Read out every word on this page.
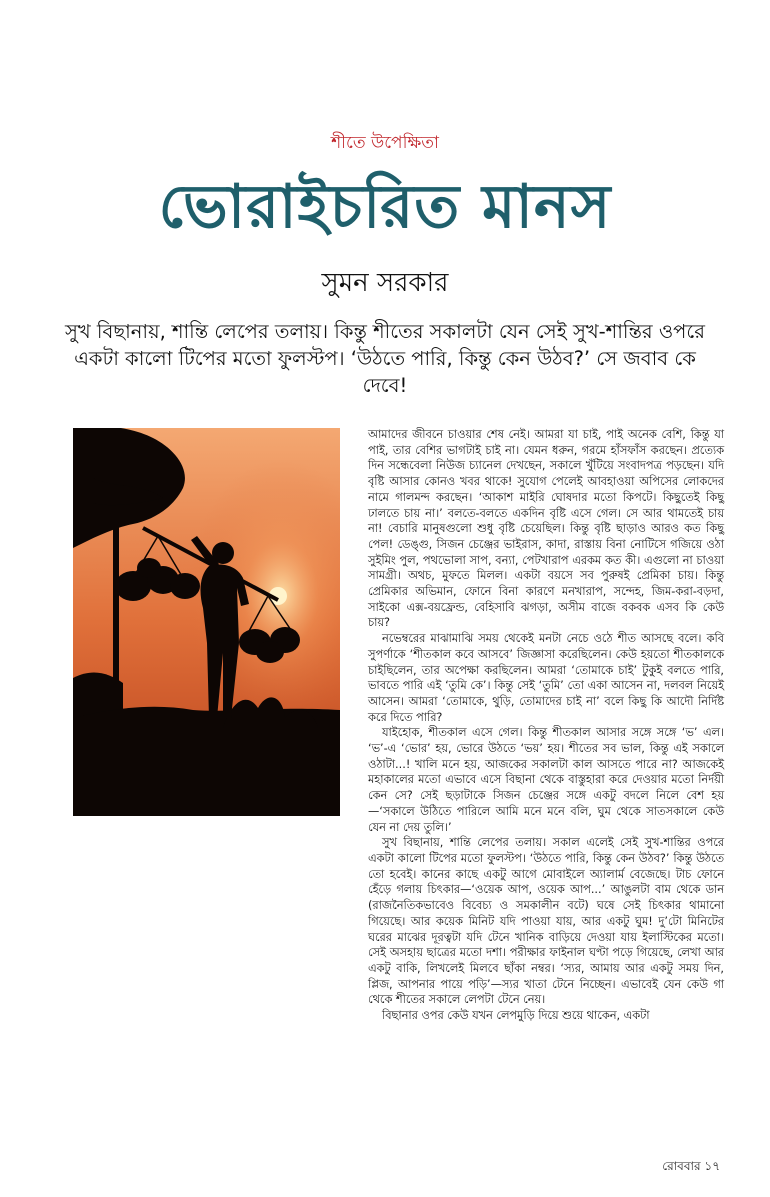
শীতে উপেক্ষিতা
ভোরাইচরিত মানস
সুমন সরকার
সুখ বিছানায়, শান্তি লেপের তলায়। কিন্তু শীতের সকালটা যেন সেই সুখ-শান্তির ওপরে একটা কালো টিপের মতো ফুলস্টপ। ‘উঠতে পারি, কিন্তু কেন উঠব?’ সে জবাব কে দেবে!

আমাদের জীবনে চাওয়ার শেষ নেই। আমরা যা চাই, পাই অনেক বেশি, কিন্তু যা পাই, তার বেশির ভাগটাই চাই না। যেমন ধরুন, গরমে হাঁসফাঁস করছেন। প্রত্যেক দিন সন্ধেবেলা নিউজ চ্যানেল দেখছেন, সকালে খুঁটিয়ে সংবাদপত্র পড়ছেন। যদি বৃষ্টি আসার কোনও খবর থাকে! সুযোগ পেলেই আবহাওয়া অপিসের লোকদের নামে গালমন্দ করছেন। ‘আকাশ মাইরি ঘোষদার মতো কিপটে। কিছুতেই কিছু ঢালতে চায় না।’ বলতে-বলতে একদিন বৃষ্টি এসে গেল। সে আর থামতেই চায় না! বেচারি মানুষগুলো শুধু বৃষ্টি চেয়েছিল। কিন্তু বৃষ্টি ছাড়াও আরও কত কিছু পেল! ডেঙ্গু, সিজন চেঞ্জের ভাইরাস, কাদা, রাস্তায় বিনা নোটিসে গজিয়ে ওঠা সুইমিং পুল, পথভোলা সাপ, বন্যা, পেটখারাপ এরকম কত কী। এগুলো না চাওয়া সামগ্রী। অথচ, মুফতে মিলল। একটা বয়সে সব পুরুষই প্রেমিকা চায়। কিন্তু প্রেমিকার অভিমান, ফোনে বিনা কারণে মনখারাপ, সন্দেহ, জিম-করা-বড়দা, সাইকো এক্স-বয়ফ্রেন্ড, বেহিসাবি ঝগড়া, অসীম বাজে বকবক এসব কি কেউ চায়?

নভেম্বরের মাঝামাঝি সময় থেকেই মনটা নেচে ওঠে শীত আসছে বলে। কবি সুপর্ণাকে ‘শীতকাল কবে আসবে’ জিজ্ঞাসা করেছিলেন। কেউ হয়তো শীতকালকে চাইছিলেন, তার অপেক্ষা করছিলেন। আমরা ‘তোমাকে চাই’ টুকুই বলতে পারি, ভাবতে পারি এই ‘তুমি কে’। কিন্তু সেই ‘তুমি’ তো একা আসেন না, দলবল নিয়েই আসেন। আমরা ‘তোমাকে, থুড়ি, তোমাদের চাই না’ বলে কিছু কি আদৌ নির্দিষ্ট করে দিতে পারি?

যাইহোক, শীতকাল এসে গেল। কিন্তু শীতকাল আসার সঙ্গে সঙ্গে ‘ভ’ এল। ‘ভ’-এ ‘ভোর’ হয়, ভোরে উঠতে ‘ভয়’ হয়। শীতের সব ভাল, কিন্তু এই সকালে ওঠাটা...! খালি মনে হয়, আজকের সকালটা কাল আসতে পারে না? আজকেই মহাকালের মতো এভাবে এসে বিছানা থেকে বাস্তুহারা করে দেওয়ার মতো নির্দয়ী কেন সে? সেই ছড়াটাকে সিজন চেঞ্জের সঙ্গে একটু বদলে নিলে বেশ হয়—‘সকালে উঠিতে পারিলে আমি মনে মনে বলি, ঘুম থেকে সাতসকালে কেউ যেন না দেয় তুলি।’

সুখ বিছানায়, শান্তি লেপের তলায়। সকাল এলেই সেই সুখ-শান্তির ওপরে একটা কালো টিপের মতো ফুলস্টপ। ‘উঠতে পারি, কিন্তু কেন উঠব?’ কিন্তু উঠতে তো হবেই। কানের কাছে একটু আগে মোবাইলে অ্যালার্ম বেজেছে। টাচ ফোনে হেঁড়ে গলায় চিৎকার—‘ওয়েক আপ, ওয়েক আপ...’ আঙুলটা বাম থেকে ডান (রাজনৈতিকভাবেও বিবেচ্য ও সমকালীন বটে) ঘষে সেই চিৎকার থামানো গিয়েছে। আর কয়েক মিনিট যদি পাওয়া যায়, আর একটু ঘুম! দু’টো মিনিটের ঘরের মাঝের দূরত্বটা যদি টেনে খানিক বাড়িয়ে দেওয়া যায় ইলাস্টিকের মতো। সেই অসহায় ছাত্রের মতো দশা। পরীক্ষার ফাইনাল ঘণ্টা পড়ে গিয়েছে, লেখা আর একটু বাকি, লিখলেই মিলবে ছাঁকা নম্বর। ‘স্যর, আমায় আর একটু সময় দিন, প্লিজ, আপনার পায়ে পড়ি’—স্যর খাতা টেনে নিচ্ছেন। এভাবেই যেন কেউ গা থেকে শীতের সকালে লেপটা টেনে নেয়।

বিছানার ওপর কেউ যখন লেপমুড়ি দিয়ে শুয়ে থাকেন, একটা

রোববার ১৭
